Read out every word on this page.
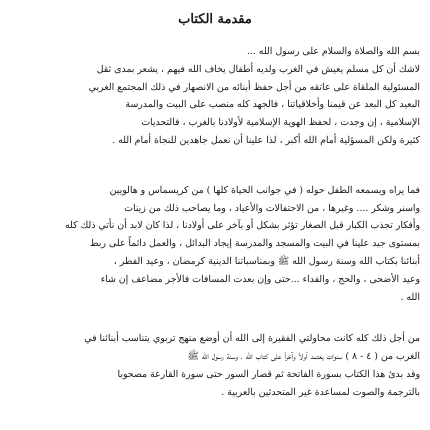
مقدمة الكتاب
بسم الله والصلاة والسلام على رسول الله ...
لاشك أن كل مسلم يعيش في الغرب ولديه أطفال يخاف الله فيهم ، يشعر بمدى ثقل
المسئولية الملقاة على عاتقه من أجل حفظ أبنائه من الانصهار في ذلك المجتمع الغربي
البعيد كل البعد عن قيمنا وأخلاقياتنا ، فالجهد كله منصب على البيت والمدرسة
الإسلامية ، إن وجدت ، لحفظ الهوية الإسلامية لأولادنا بالغرب ، فالتحديات
كثيرة ولكن المسؤلية أمام الله أكبر ، لذا علينا أن نعمل جاهدين للنجاة أمام الله .
فما يراه ويسمعه الطفل حوله ( في جوانب الحياة كلها ) من كريسماس و هالويين
واسنر وشكر .... وغيرها ، من الاحتفالات والأعياد ، وما يصاحب ذلك من زينات
وأفكار تجذب الكبار قبل الصغار تؤثر بشكل أو بآخر على أولادنا ، لذا كان لابد أن نأتي ذلك كله
بمستوى جيد علينا في البيت والمسجد والمدرسة إيجاد البدائل ، والعمل دائماً على ربط
أبنائنا بكتاب الله وسنة رسول الله ﷺ وبمناسباتنا الدينية كرمضان ، وعيد الفطر ،
وعيد الأضحى ، والحج ، والفداء ...حتى وإن بعدت المسافات فالأجر مضاعف إن شاء
الله .
من أجل ذلك كله كانت محاولتي الفقيرة إلى الله أن أوضع منهج تربوي يتناسب أبنائنا في
الغرب من ( ٤ - ٨ ) سنوات يعتمد أولاً وآخراً على كتاب الله ، وسنة رسول الله ﷺ
وقد بدئ هذا الكتاب بسورة الفاتحة ثم قصار السور حتى سورة القارعة مصحوبا
بالترجمة والصوت لمساعدة غير المتحدثين بالعربية .
